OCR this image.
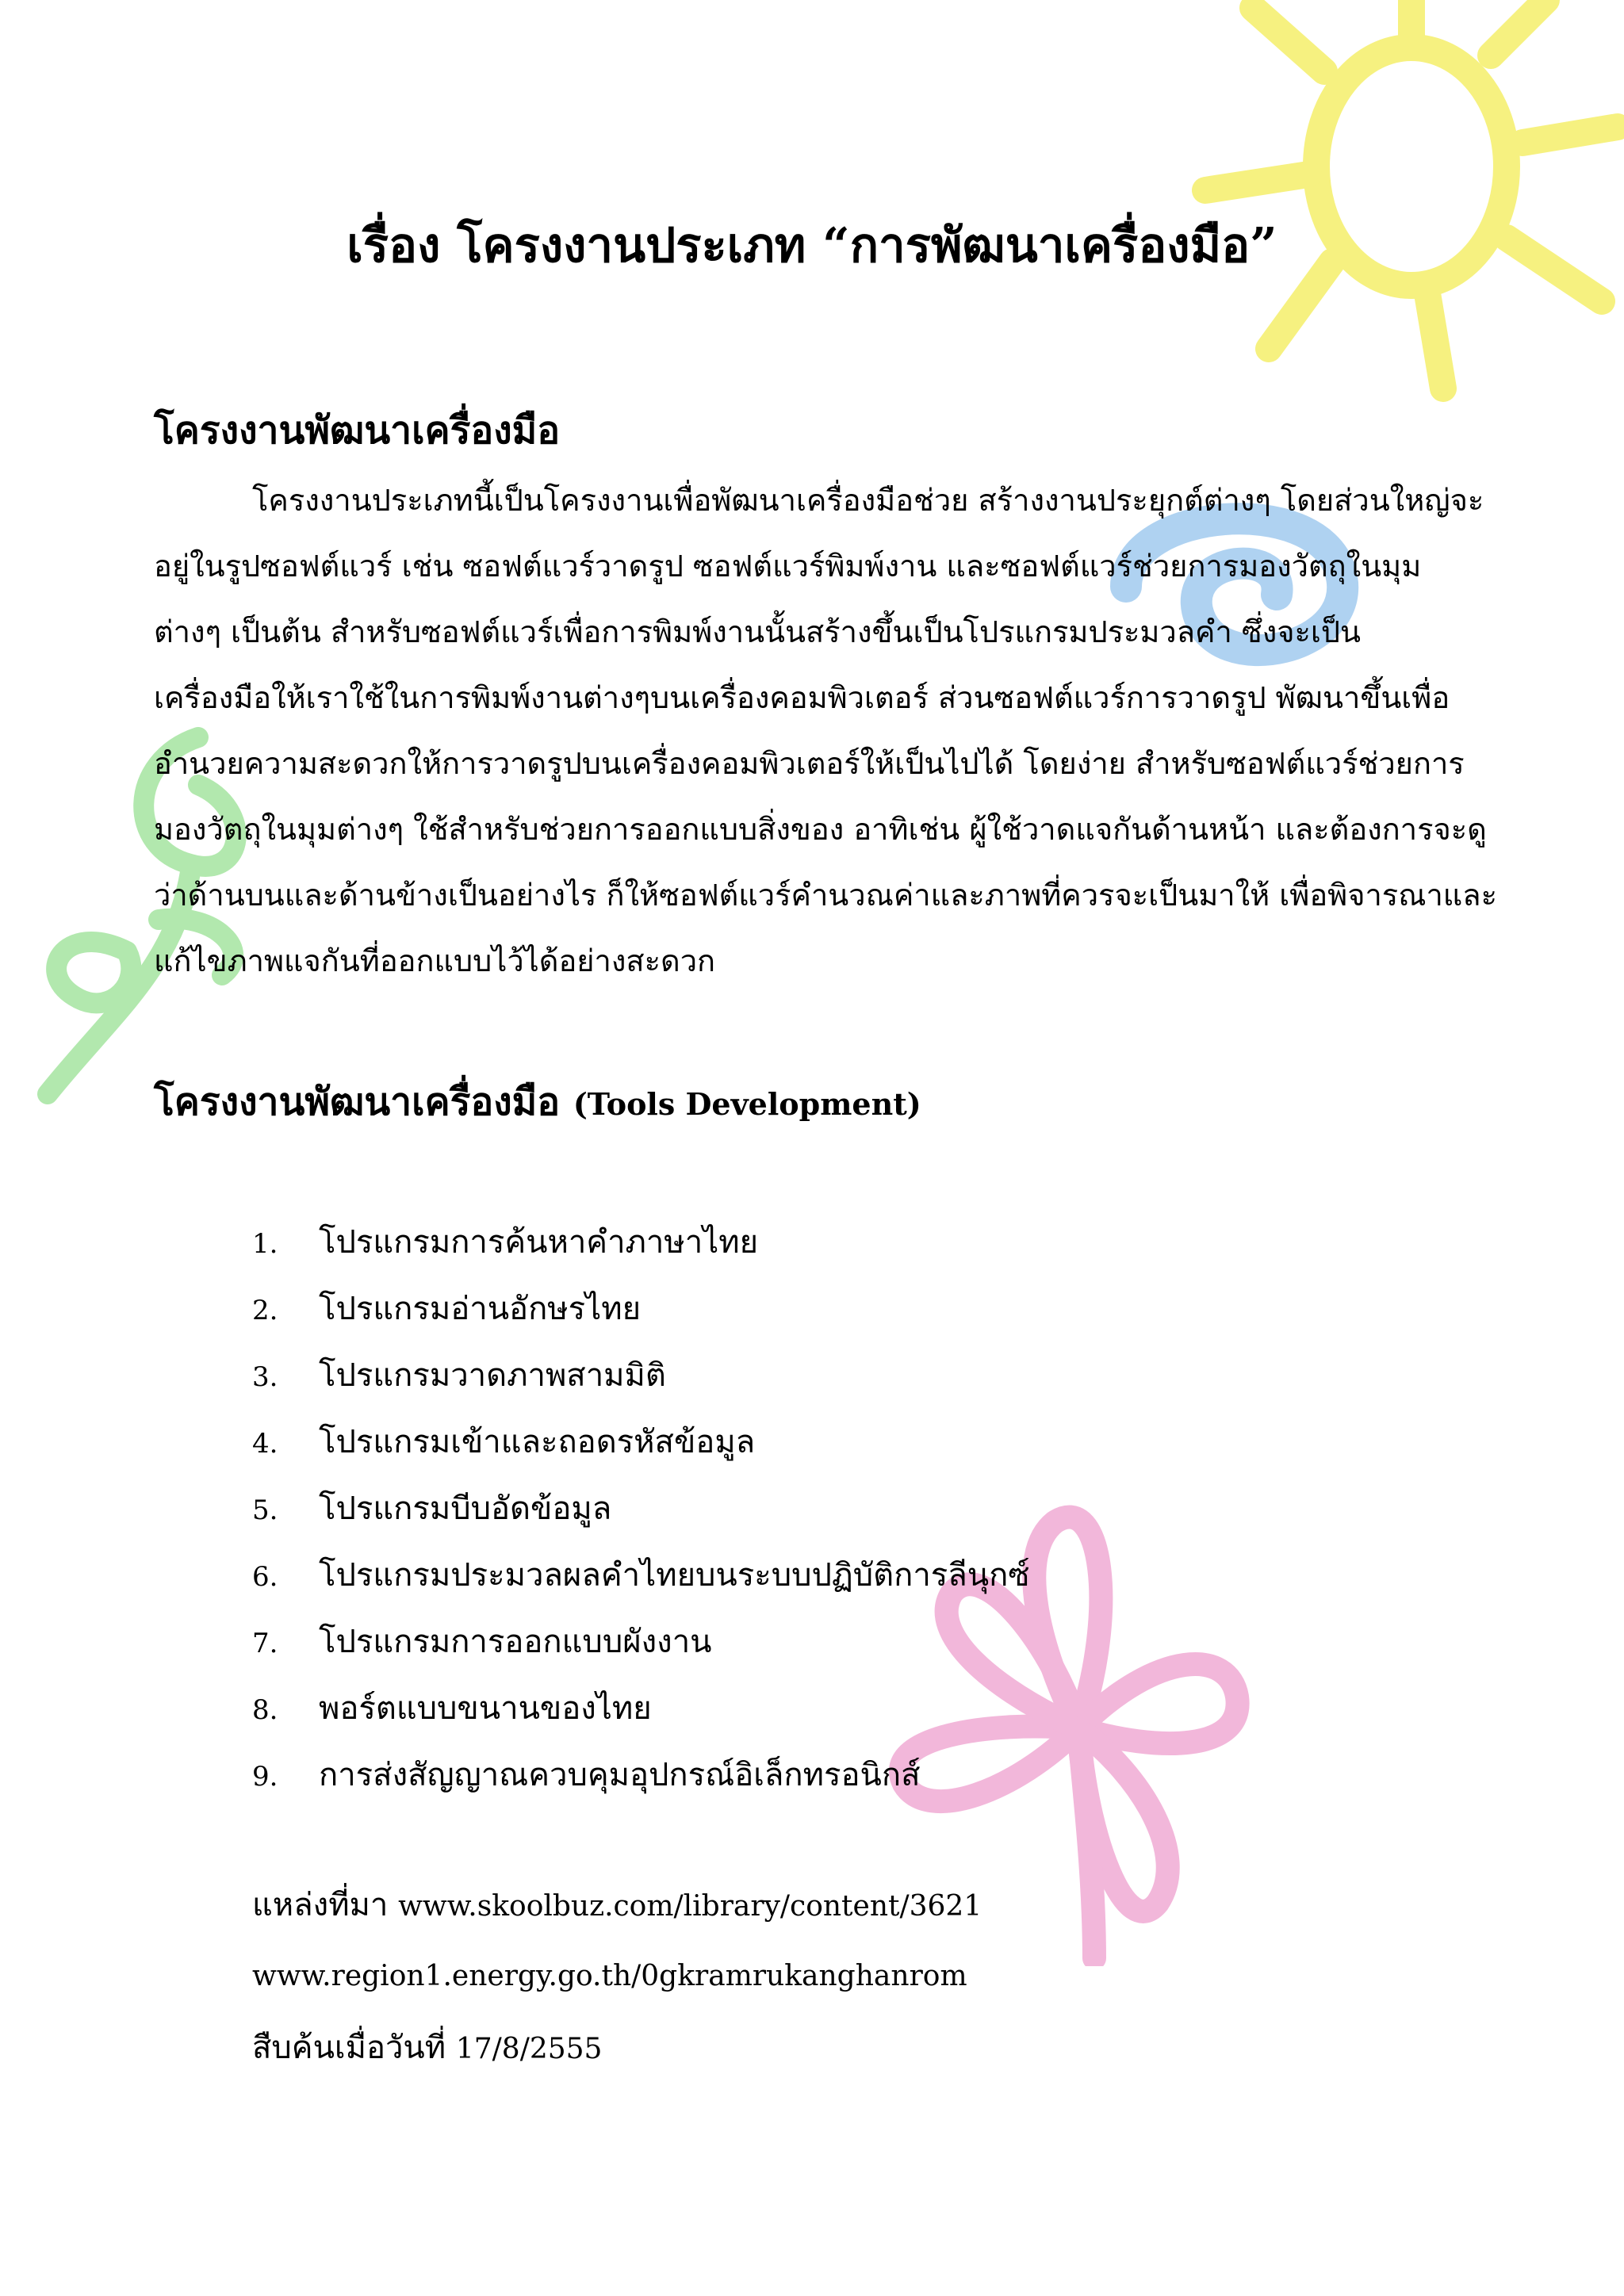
เรื่อง โครงงานประเภท “การพัฒนาเครื่องมือ”
โครงงานพัฒนาเครื่องมือ

โครงงานประเภทนี้เป็นโครงงานเพื่อพัฒนาเครื่องมือช่วย สร้างงานประยุกต์ต่างๆ โดยส่วนใหญ่จะ

อยู่ในรูปซอฟต์แวร์ เช่น ซอฟต์แวร์วาดรูป ซอฟต์แวร์พิมพ์งาน และซอฟต์แวร์ช่วยการมองวัตถุในมุม

ต่างๆ เป็นต้น สำหรับซอฟต์แวร์เพื่อการพิมพ์งานนั้นสร้างขึ้นเป็นโปรแกรมประมวลคำ ซึ่งจะเป็น

เครื่องมือให้เราใช้ในการพิมพ์งานต่างๆบนเครื่องคอมพิวเตอร์ ส่วนซอฟต์แวร์การวาดรูป พัฒนาขึ้นเพื่อ

อำนวยความสะดวกให้การวาดรูปบนเครื่องคอมพิวเตอร์ให้เป็นไปได้ โดยง่าย สำหรับซอฟต์แวร์ช่วยการ

มองวัตถุในมุมต่างๆ ใช้สำหรับช่วยการออกแบบสิ่งของ อาทิเช่น ผู้ใช้วาดแจกันด้านหน้า และต้องการจะดู

ว่าด้านบนและด้านข้างเป็นอย่างไร ก็ให้ซอฟต์แวร์คำนวณค่าและภาพที่ควรจะเป็นมาให้ เพื่อพิจารณาและ

แก้ไขภาพแจกันที่ออกแบบไว้ได้อย่างสะดวก

โครงงานพัฒนาเครื่องมือ (Tools Development)
1. โปรแกรมการค้นหาคำภาษาไทย
2. โปรแกรมอ่านอักษรไทย
3. โปรแกรมวาดภาพสามมิติ
4. โปรแกรมเข้าและถอดรหัสข้อมูล
5. โปรแกรมบีบอัดข้อมูล
6. โปรแกรมประมวลผลคำไทยบนระบบปฏิบัติการลีนุกซ์
7. โปรแกรมการออกแบบผังงาน
8. พอร์ตแบบขนานของไทย
9. การส่งสัญญาณควบคุมอุปกรณ์อิเล็กทรอนิกส์
แหล่งที่มา www.skoolbuz.com/library/content/3621
www.region1.energy.go.th/0gkramrukanghanrom
สืบค้นเมื่อวันที่ 17/8/2555
